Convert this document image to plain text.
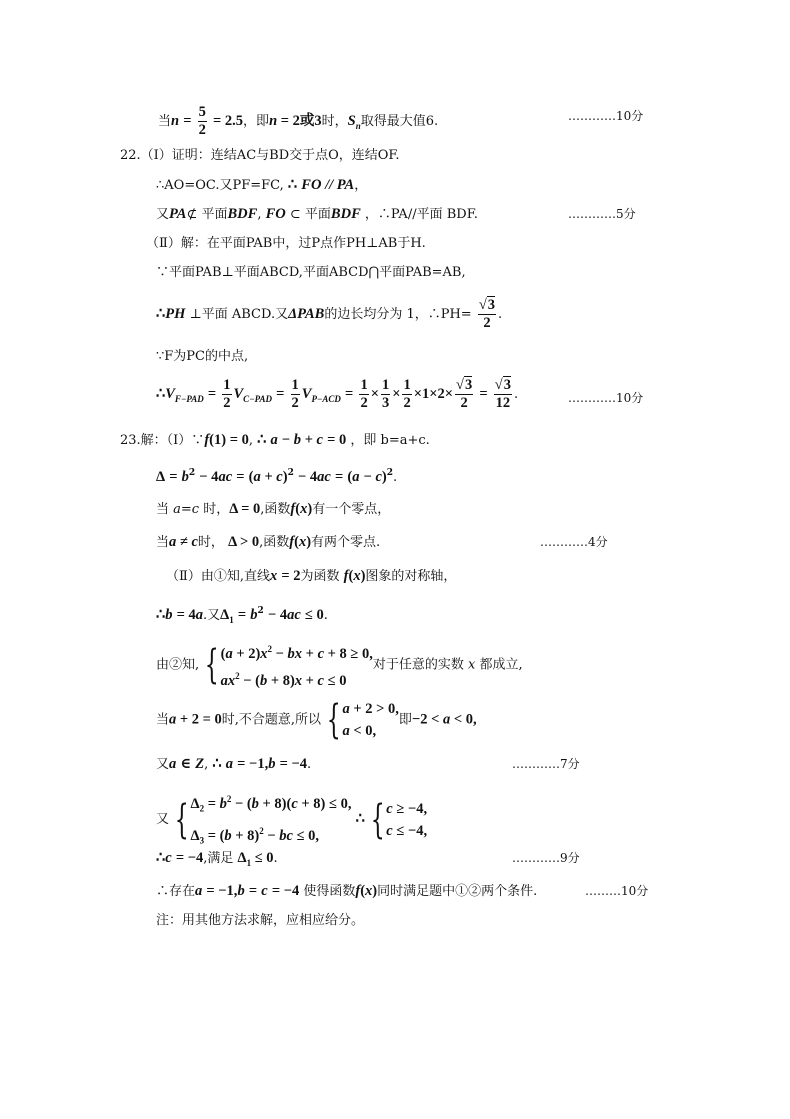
当$n = \frac{5}{2} = 2.5$，即n = 2或3时，$S_n$取得最大值6.	…………10分
22.（Ⅰ）证明：连结AC与BD交于点O，连结OF.
∴AO=OC.又PF=FC, ∴ FO // PA，
又PA⊄ 平面BDF, FO ⊂ 平面BDF ，∴PA//平面 BDF.	…………5分
（Ⅱ）解：在平面PAB中，过P点作PH⊥AB于H.
∵平面PAB⊥平面ABCD,平面ABCD⋂平面PAB=AB,
∴PH ⊥平面 ABCD.又ΔPAB的边长均分为 1，∴PH= $\frac{√3}{2}$ .
∵F为PC的中点,
$\therefore V_{F-PAD} = \frac{1}{2} V_{C-PAD} = \frac{1}{2} V_{P-ACD} = \frac{1}{2} \times \frac{1}{3} \times \frac{1}{2} \times 1\times 2\times \frac{√3}{2} = \frac{√3}{12}$ .	…………10分
23.解：（Ⅰ）∵f(1) = 0, ∴ a − b + c = 0 ，即 b=a+c.
$\Delta = b^2 - 4ac = (a + c)^2 - 4ac = (a - c)^2$.
当 a=c 时，Δ = 0,函数f(x)有一个零点，
当a ≠ c时， Δ > 0,函数f(x)有两个零点.	…………4分
（Ⅱ）由①知,直线x = 2为函数 f(x)图象的对称轴，
∴b = 4a.又$\Delta_1 = b^2 - 4ac \le 0$.
由②知, { $(a + 2)x^2$ − bx + c + 8 ≥ 0,
$ax^2 - (b + 8)x + c \le 0$
对于任意的实数 x 都成立,
当a + 2 = 0时,不合题意,所以 { a + 2 > 0,
a < 0,
即−2 < a < 0,
又a ∈ Z, ∴ a = −1,b = −4.	…………7分
又 { $\Delta_2 = b^2 - (b + 8)(c + 8) \le 0$,
$\Delta_3 = (b + 8)^2$ − bc ≤ 0,
∴ { c ≥ −4,
c ≤ −4,
∴c = −4,满足 $\Delta_1 \le 0$.	…………9分
∴存在a = −1,b = c = −4 使得函数f(x)同时满足题中①②两个条件.	………10分
注：用其他方法求解，应相应给分。
